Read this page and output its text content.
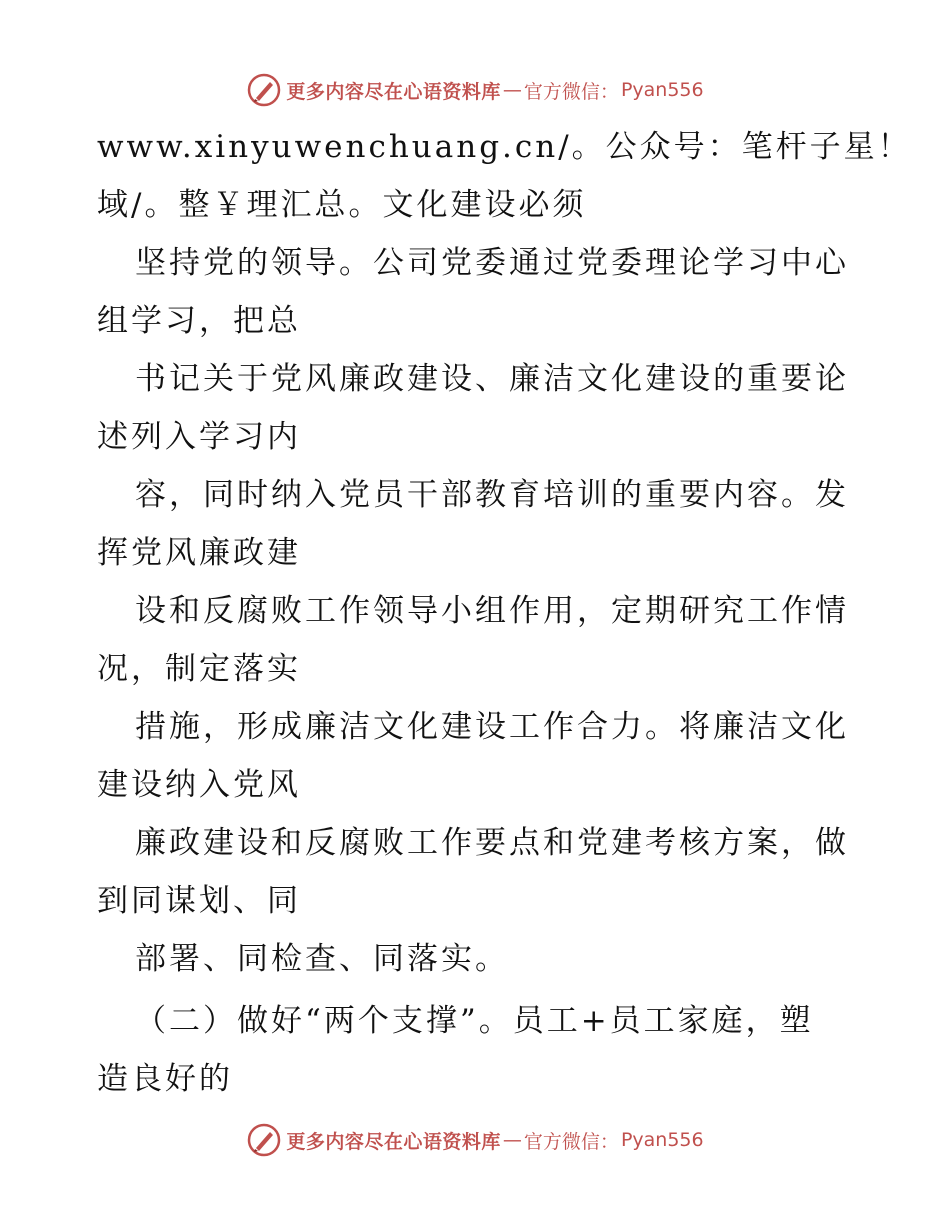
更多内容尽在心语资料库 — 官方微信： Pyan556
www.xinyuwenchuang.cn/。公众号：笔杆子星！
域/。整￥理汇总。文化建设必须
坚持党的领导。公司党委通过党委理论学习中心
组学习，把总
书记关于党风廉政建设、廉洁文化建设的重要论
述列入学习内
容，同时纳入党员干部教育培训的重要内容。发
挥党风廉政建
设和反腐败工作领导小组作用，定期研究工作情
况，制定落实
措施，形成廉洁文化建设工作合力。将廉洁文化
建设纳入党风
廉政建设和反腐败工作要点和党建考核方案，做
到同谋划、同
部署、同检查、同落实。
（二）做好“两个支撑”。员工+员工家庭，塑
造良好的
更多内容尽在心语资料库 — 官方微信： Pyan556
